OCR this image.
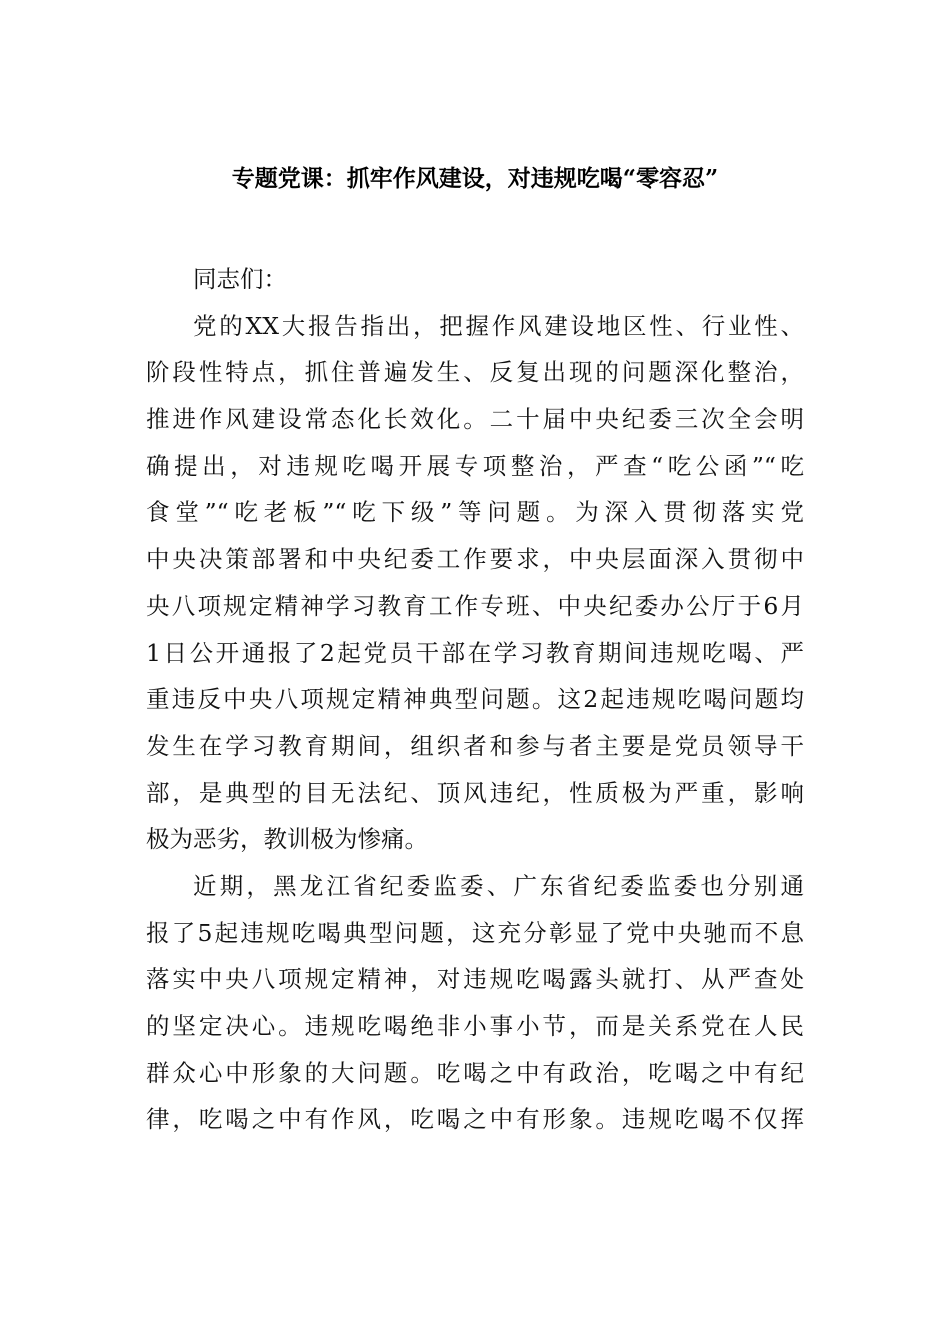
专题党课：抓牢作风建设，对违规吃喝“零容忍”
同志们：
党的XX大报告指出，把握作风建设地区性、行业性、
阶段性特点，抓住普遍发生、反复出现的问题深化整治，
推进作风建设常态化长效化。二十届中央纪委三次全会明
确提出，对违规吃喝开展专项整治，严查“吃公函”“吃
食堂”“吃老板”“吃下级”等问题。为深入贯彻落实党
中央决策部署和中央纪委工作要求，中央层面深入贯彻中
央八项规定精神学习教育工作专班、中央纪委办公厅于6月
1日公开通报了2起党员干部在学习教育期间违规吃喝、严
重违反中央八项规定精神典型问题。这2起违规吃喝问题均
发生在学习教育期间，组织者和参与者主要是党员领导干
部，是典型的目无法纪、顶风违纪，性质极为严重，影响
极为恶劣，教训极为惨痛。
近期，黑龙江省纪委监委、广东省纪委监委也分别通
报了5起违规吃喝典型问题，这充分彰显了党中央驰而不息
落实中央八项规定精神，对违规吃喝露头就打、从严查处
的坚定决心。违规吃喝绝非小事小节，而是关系党在人民
群众心中形象的大问题。吃喝之中有政治，吃喝之中有纪
律，吃喝之中有作风，吃喝之中有形象。违规吃喝不仅挥
